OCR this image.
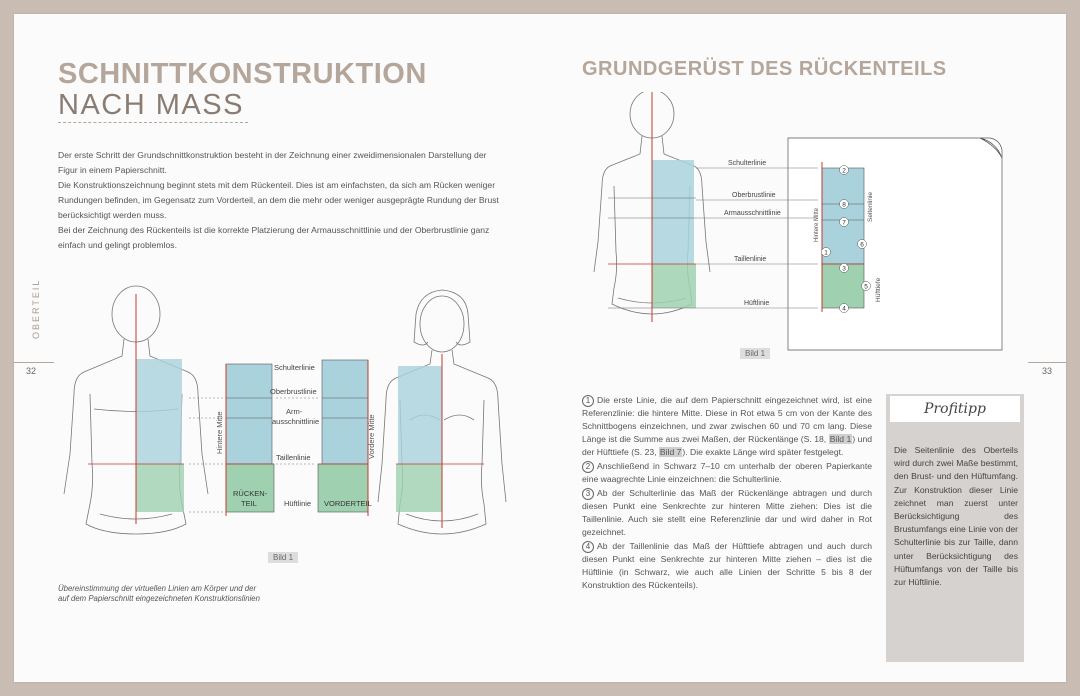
SCHNITTKONSTRUKTION
NACH MASS

Der erste Schritt der Grundschnittkonstruktion besteht in der Zeichnung einer zweidimensionalen Darstellung der Figur in einem Papierschnitt.

Die Konstruktionszeichnung beginnt stets mit dem Rückenteil. Dies ist am einfachsten, da sich am Rücken weniger Rundungen befinden, im Gegensatz zum Vorderteil, an dem die mehr oder weniger ausgeprägte Rundung der Brust berücksichtigt werden muss.

Bei der Zeichnung des Rückenteils ist die korrekte Platzierung der Armausschnittlinie und der Oberbrustlinie ganz einfach und gelingt problemlos.

OBERTEIL
32
Hintere Mitte
RÜCKEN-
TEIL
Vordere Mitte
VORDERTEIL
Schulterlinie
Oberbrustlinie
Arm-
ausschnittlinie
Taillenlinie
Hüftlinie
Bild 1
Übereinstimmung der virtuellen Linien am Körper und der auf dem Papierschnitt eingezeichneten Konstruktionslinien
GRUNDGERÜST DES RÜCKENTEILS
Schulterlinie
Oberbrustlinie
Armausschnittlinie
Taillenlinie
Hüftlinie
Hintere Mitte
Seitenlinie
Hüfttiefe
2
8
7
1
6
3
5
4
Bild 1

1 Die erste Linie, die auf dem Papierschnitt eingezeichnet wird, ist eine Referenzlinie: die hintere Mitte. Diese in Rot etwa 5 cm von der Kante des Schnittbogens einzeichnen, und zwar zwischen 60 und 70 cm lang. Diese Länge ist die Summe aus zwei Maßen, der Rückenlänge (S. 18, Bild 1) und der Hüfttiefe (S. 23, Bild 7). Die exakte Länge wird später festgelegt.

2 Anschließend in Schwarz 7–10 cm unterhalb der oberen Papierkante eine waagrechte Linie einzeichnen: die Schulterlinie.

3 Ab der Schulterlinie das Maß der Rückenlänge abtragen und durch diesen Punkt eine Senkrechte zur hinteren Mitte ziehen: Dies ist die Taillenlinie. Auch sie stellt eine Referenzlinie dar und wird daher in Rot gezeichnet.

4 Ab der Taillenlinie das Maß der Hüfttiefe abtragen und auch durch diesen Punkt eine Senkrechte zur hinteren Mitte ziehen – dies ist die Hüftlinie (in Schwarz, wie auch alle Linien der Schritte 5 bis 8 der Konstruktion des Rückenteils).

Profitipp
Die Seitenlinie des Oberteils wird durch zwei Maße bestimmt, den Brust- und den Hüftumfang. Zur Konstruktion dieser Linie zeichnet man zuerst unter Berücksichtigung des Brustumfangs eine Linie von der Schulterlinie bis zur Taille, dann unter Berücksichtigung des Hüftumfangs von der Taille bis zur Hüftlinie.
33
